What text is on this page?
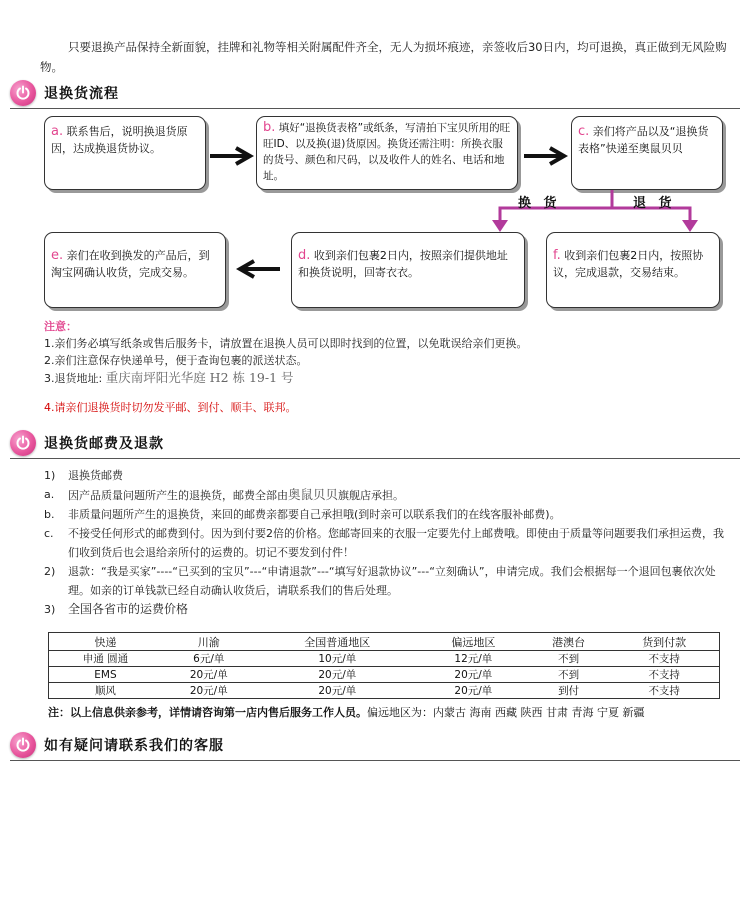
只要退换产品保持全新面貌，挂牌和礼物等相关附属配件齐全，无人为损坏痕迹，亲签收后30日内，均可退换，真正做到无风险购物。
退换货流程
a. 联系售后，说明换退货原因，达成换退货协议。
b. 填好“退换货表格”或纸条，写清拍下宝贝所用的旺旺ID、以及换(退)货原因。换货还需注明：所换衣服的货号、颜色和尺码，以及收件人的姓名、电话和地址。
c. 亲们将产品以及“退换货表格”快递至奥鼠贝贝
换 货	退 货
e. 亲们在收到换发的产品后，到淘宝网确认收货，完成交易。
d. 收到亲们包裹2日内，按照亲们提供地址和换货说明，回寄衣衣。
f. 收到亲们包裹2日内，按照协议，完成退款，交易结束。
注意：
1.亲们务必填写纸条或售后服务卡，请放置在退换人员可以即时找到的位置，以免耽误给亲们更换。
2.亲们注意保存快递单号，便于查询包裹的派送状态。
3.退货地址: 重庆南坪阳光华庭 H2 栋 19-1 号
4.请亲们退换货时切勿发平邮、到付、顺丰、联邦。
退换货邮费及退款
1) 退换货邮费
a. 因产品质量问题所产生的退换货，邮费全部由奥鼠贝贝旗舰店承担。
b. 非质量问题所产生的退换货，来回的邮费亲都要自己承担哦(到时亲可以联系我们的在线客服补邮费)。
c. 不接受任何形式的邮费到付。因为到付要2倍的价格。您邮寄回来的衣服一定要先付上邮费哦。即使由于质量等问题要我们承担运费，我们收到货后也会退给亲所付的运费的。切记不要发到付件！
2) 退款：“我是买家”----“已买到的宝贝”---“申请退款”---“填写好退款协议”---“立刻确认”，申请完成。我们会根据每一个退回包裹依次处理。如亲的订单钱款已经自动确认收货后，请联系我们的售后处理。
3) 全国各省市的运费价格
快递	川渝	全国普通地区	偏远地区	港澳台	货到付款
申通 圆通	6元/单	10元/单	12元/单	不到	不支持
EMS	20元/单	20元/单	20元/单	不到	不支持
顺风	20元/单	20元/单	20元/单	到付	不支持
注：以上信息供亲参考，详情请咨询第一店内售后服务工作人员。偏远地区为：内蒙古 海南 西藏 陕西 甘肃 青海 宁夏 新疆
如有疑问请联系我们的客服
